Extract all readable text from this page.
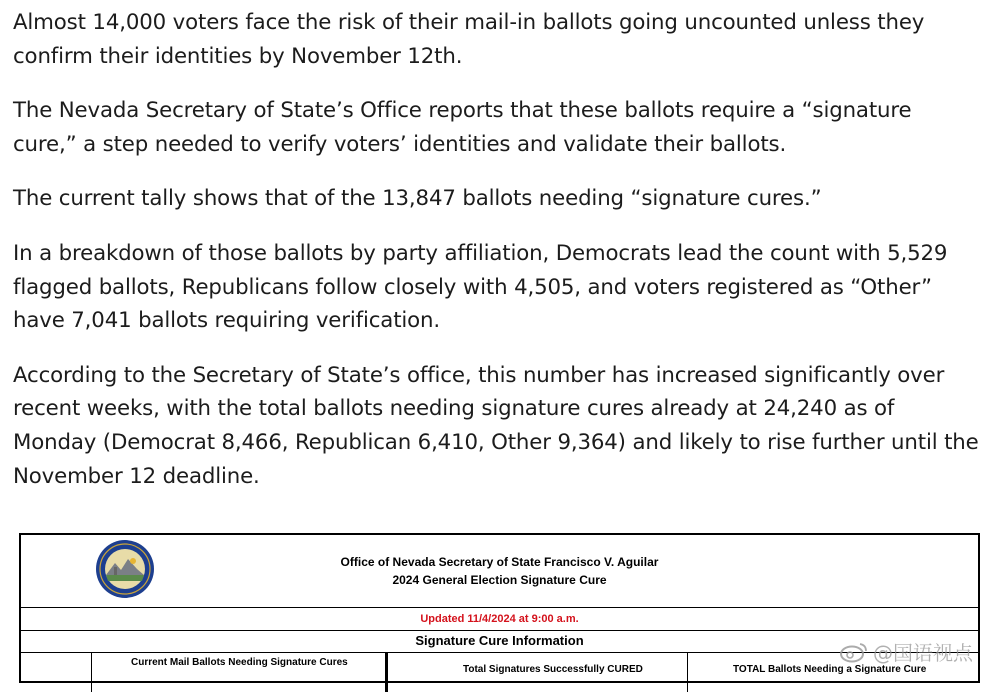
Almost 14,000 voters face the risk of their mail-in ballots going uncounted unless they confirm their identities by November 12th.

The Nevada Secretary of State’s Office reports that these ballots require a “signature cure,” a step needed to verify voters’ identities and validate their ballots.

The current tally shows that of the 13,847 ballots needing “signature cures.”

In a breakdown of those ballots by party affiliation, Democrats lead the count with 5,529 flagged ballots, Republicans follow closely with 4,505, and voters registered as “Other” have 7,041 ballots requiring verification.

According to the Secretary of State’s office, this number has increased significantly over recent weeks, with the total ballots needing signature cures already at 24,240 as of Monday (Democrat 8,466, Republican 6,410, Other 9,364) and likely to rise further until the November 12 deadline.

Office of Nevada Secretary of State Francisco V. Aguilar
2024 General Election Signature Cure
Updated 11/4/2024 at 9:00 a.m.
Signature Cure Information
Current Mail Ballots Needing Signature Cures
Total Signatures Successfully CURED	TOTAL Ballots Needing a Signature Cure
@国语视点
